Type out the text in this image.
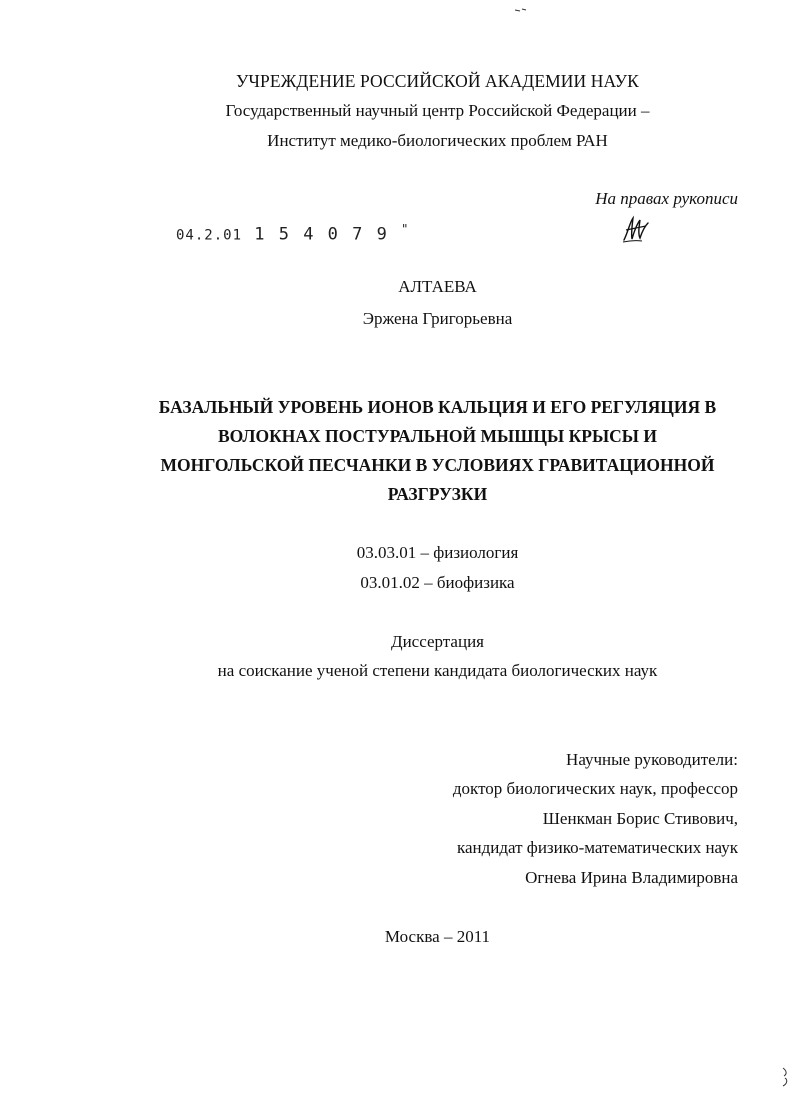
УЧРЕЖДЕНИЕ РОССИЙСКОЙ АКАДЕМИИ НАУК
Государственный научный центр Российской Федерации –
Институт медико-биологических проблем РАН
На правах рукописи
04.2.01 1 5 4 0 7 9 "
АЛТАЕВА
Эржена Григорьевна
БАЗАЛЬНЫЙ УРОВЕНЬ ИОНОВ КАЛЬЦИЯ И ЕГО РЕГУЛЯЦИЯ В
ВОЛОКНАХ ПОСТУРАЛЬНОЙ МЫШЦЫ КРЫСЫ И
МОНГОЛЬСКОЙ ПЕСЧАНКИ В УСЛОВИЯХ ГРАВИТАЦИОННОЙ
РАЗГРУЗКИ
03.03.01 – физиология
03.01.02 – биофизика
Диссертация
на соискание ученой степени кандидата биологических наук
Научные руководители:
доктор биологических наук, профессор
Шенкман Борис Стивович,
кандидат физико-математических наук
Огнева Ирина Владимировна
Москва – 2011
